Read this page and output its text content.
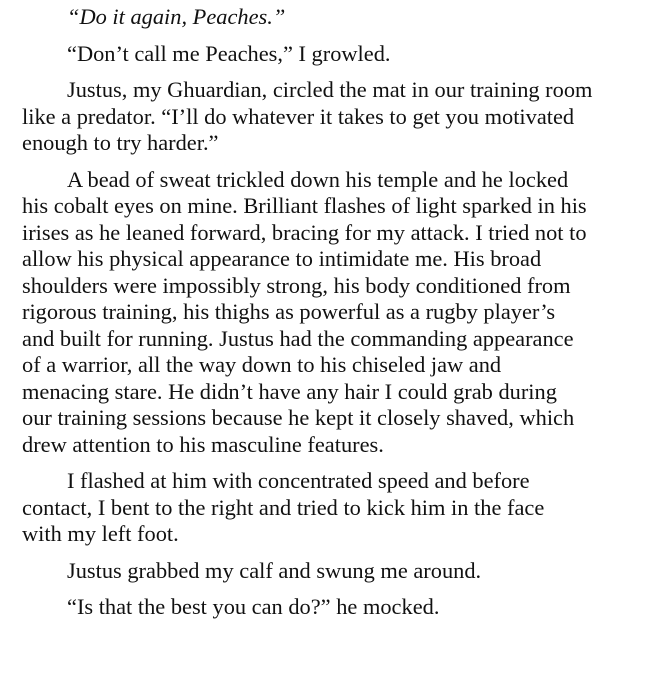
“Do it again, Peaches.”

“Don’t call me Peaches,” I growled.

Justus, my Ghuardian, circled the mat in our training room
like a predator. “I’ll do whatever it takes to get you motivated
enough to try harder.”

A bead of sweat trickled down his temple and he locked
his cobalt eyes on mine. Brilliant flashes of light sparked in his
irises as he leaned forward, bracing for my attack. I tried not to
allow his physical appearance to intimidate me. His broad
shoulders were impossibly strong, his body conditioned from
rigorous training, his thighs as powerful as a rugby player’s
and built for running. Justus had the commanding appearance
of a warrior, all the way down to his chiseled jaw and
menacing stare. He didn’t have any hair I could grab during
our training sessions because he kept it closely shaved, which
drew attention to his masculine features.

I flashed at him with concentrated speed and before
contact, I bent to the right and tried to kick him in the face
with my left foot.

Justus grabbed my calf and swung me around.

“Is that the best you can do?” he mocked.
